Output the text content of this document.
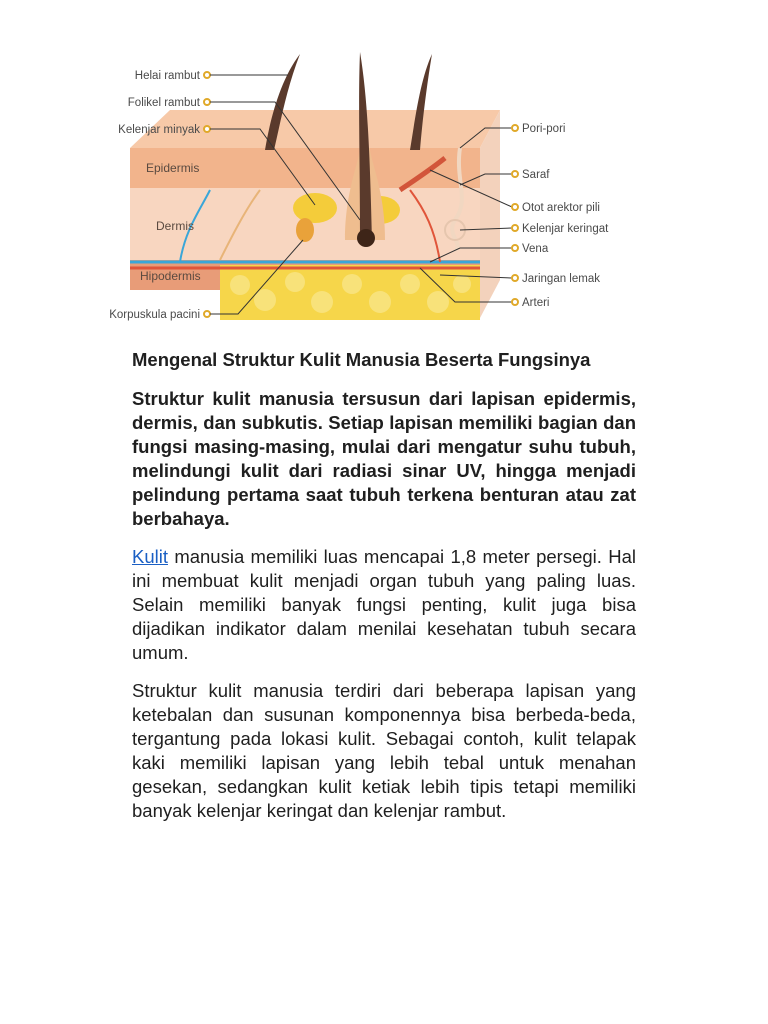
Epidermis
Dermis
Hipodermis
Helai rambut
Folikel rambut
Kelenjar minyak
Korpuskula pacini
Pori-pori
Saraf
Otot arektor pili
Kelenjar keringat
Vena
Jaringan lemak
Arteri
Mengenal Struktur Kulit Manusia Beserta Fungsinya

Struktur kulit manusia tersusun dari lapisan epidermis, dermis, dan subkutis. Setiap lapisan memiliki bagian dan fungsi masing-masing, mulai dari mengatur suhu tubuh, melindungi kulit dari radiasi sinar UV, hingga menjadi pelindung pertama saat tubuh terkena benturan atau zat berbahaya.

Kulit manusia memiliki luas mencapai 1,8 meter persegi. Hal ini membuat kulit menjadi organ tubuh yang paling luas. Selain memiliki banyak fungsi penting, kulit juga bisa dijadikan indikator dalam menilai kesehatan tubuh secara umum.

Struktur kulit manusia terdiri dari beberapa lapisan yang ketebalan dan susunan komponennya bisa berbeda-beda, tergantung pada lokasi kulit. Sebagai contoh, kulit telapak kaki memiliki lapisan yang lebih tebal untuk menahan gesekan, sedangkan kulit ketiak lebih tipis tetapi memiliki banyak kelenjar keringat dan kelenjar rambut.
